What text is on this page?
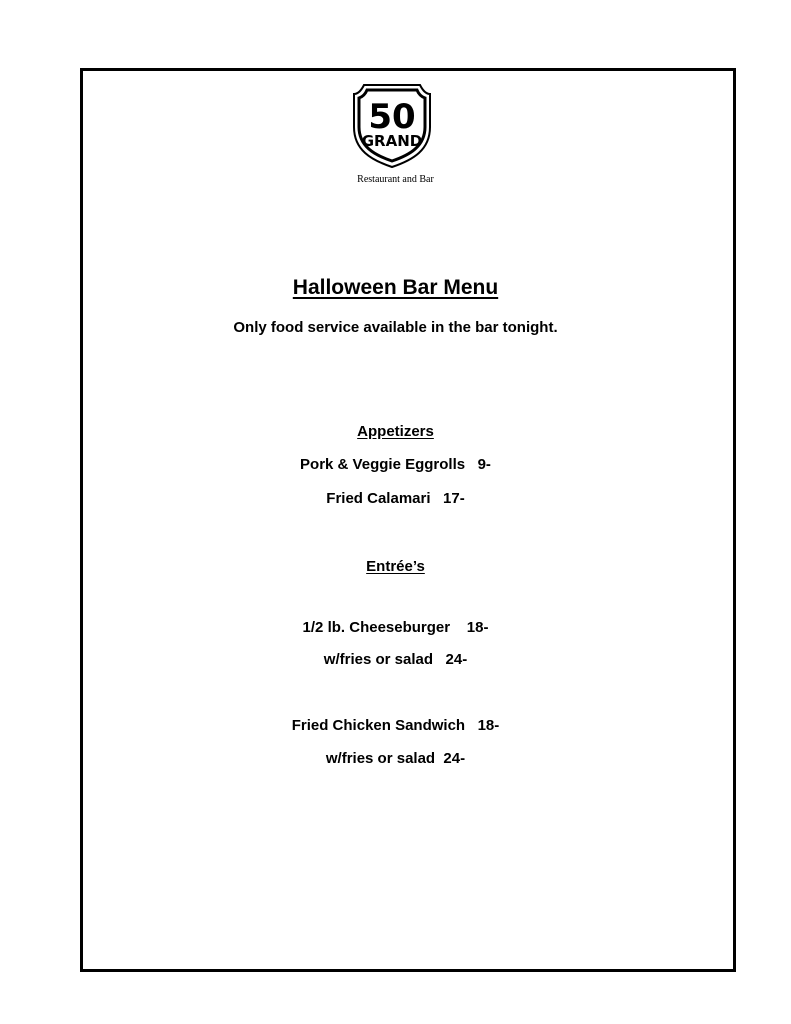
50
GRAND
Restaurant and Bar
Halloween Bar Menu
Only food service available in the bar tonight.
Appetizers
Pork & Veggie Eggrolls   9-
Fried Calamari   17-
Entrée’s
1/2 lb. Cheeseburger    18-
w/fries or salad   24-
Fried Chicken Sandwich   18-
w/fries or salad  24-
